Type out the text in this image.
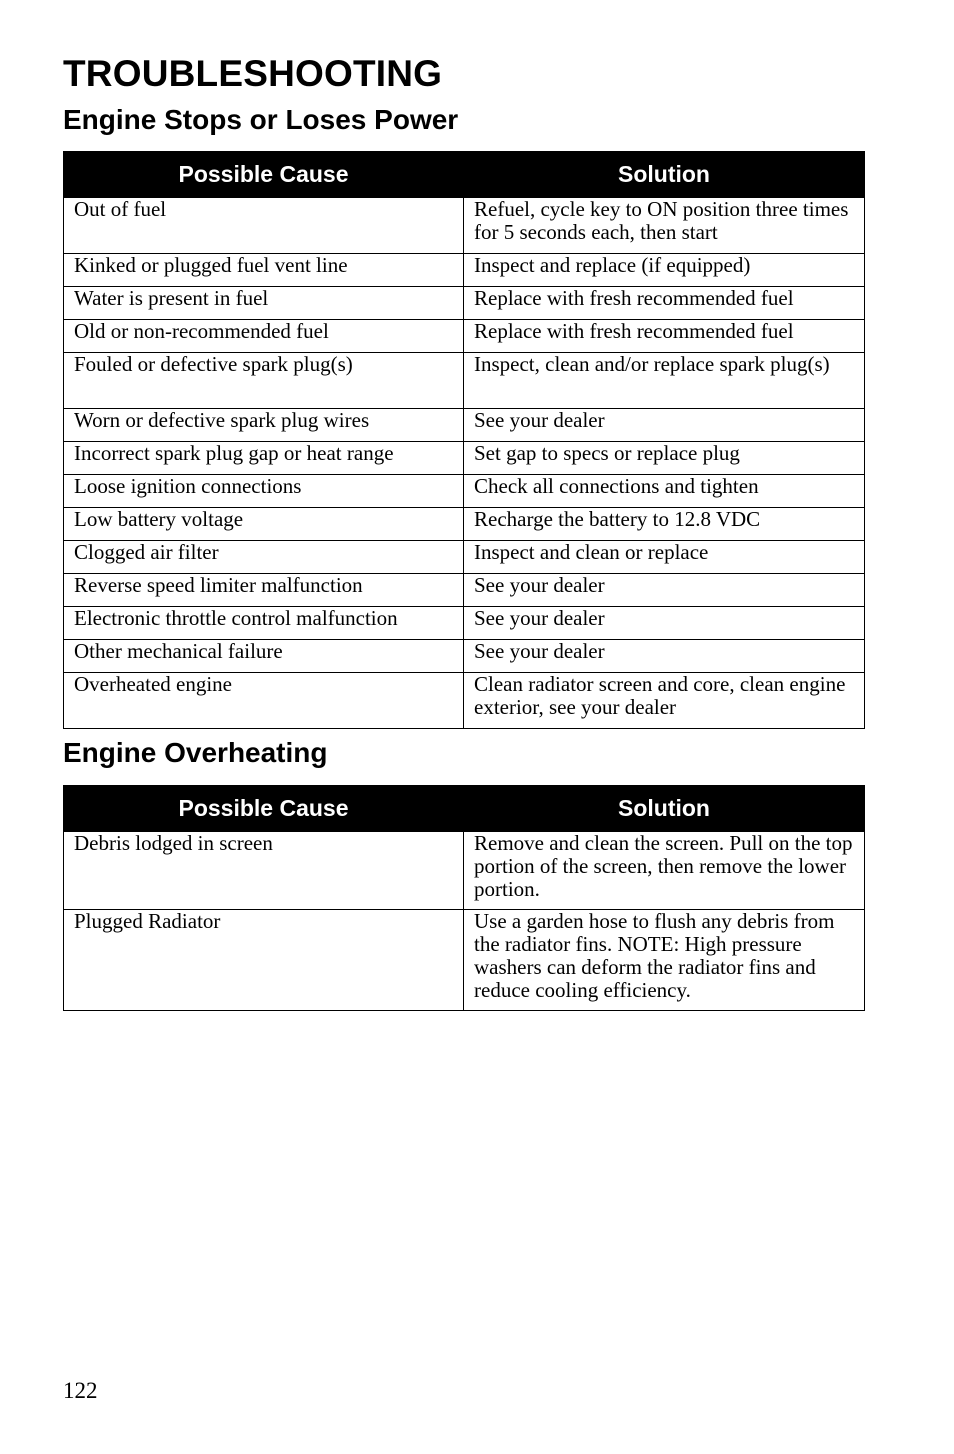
TROUBLESHOOTING
Engine Stops or Loses Power
Possible Cause	Solution
Out of fuel	Refuel, cycle key to ON position three times for 5 seconds each, then start
Kinked or plugged fuel vent line	Inspect and replace (if equipped)
Water is present in fuel	Replace with fresh recommended fuel
Old or non-recommended fuel	Replace with fresh recommended fuel
Fouled or defective spark plug(s)	Inspect, clean and/or replace spark plug(s)
Worn or defective spark plug wires	See your dealer
Incorrect spark plug gap or heat range	Set gap to specs or replace plug
Loose ignition connections	Check all connections and tighten
Low battery voltage	Recharge the battery to 12.8 VDC
Clogged air filter	Inspect and clean or replace
Reverse speed limiter malfunction	See your dealer
Electronic throttle control malfunction	See your dealer
Other mechanical failure	See your dealer
Overheated engine	Clean radiator screen and core, clean engine exterior, see your dealer
Engine Overheating
Possible Cause	Solution
Debris lodged in screen	Remove and clean the screen. Pull on the top portion of the screen, then remove the lower portion.
Plugged Radiator	Use a garden hose to flush any debris from the radiator fins. NOTE: High pressure washers can deform the radiator fins and reduce cooling efficiency.
122
